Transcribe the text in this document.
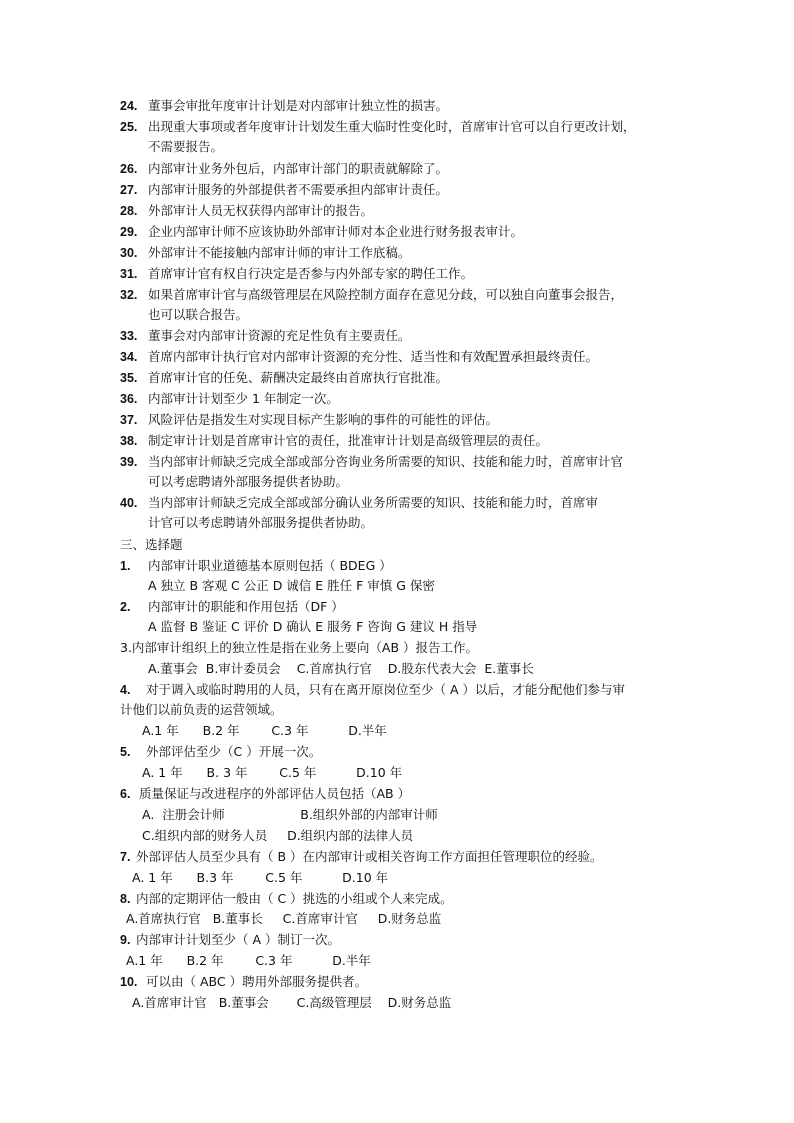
24. 董事会审批年度审计计划是对内部审计独立性的损害。
25. 出现重大事项或者年度审计计划发生重大临时性变化时，首席审计官可以自行更改计划，
不需要报告。
26. 内部审计业务外包后，内部审计部门的职责就解除了。
27. 内部审计服务的外部提供者不需要承担内部审计责任。
28. 外部审计人员无权获得内部审计的报告。
29. 企业内部审计师不应该协助外部审计师对本企业进行财务报表审计。
30. 外部审计不能接触内部审计师的审计工作底稿。
31. 首席审计官有权自行决定是否参与内外部专家的聘任工作。
32. 如果首席审计官与高级管理层在风险控制方面存在意见分歧，可以独自向董事会报告，
也可以联合报告。
33. 董事会对内部审计资源的充足性负有主要责任。
34. 首席内部审计执行官对内部审计资源的充分性、适当性和有效配置承担最终责任。
35. 首席审计官的任免、薪酬决定最终由首席执行官批准。
36. 内部审计计划至少 1 年制定一次。
37. 风险评估是指发生对实现目标产生影响的事件的可能性的评估。
38. 制定审计计划是首席审计官的责任，批准审计计划是高级管理层的责任。
39. 当内部审计师缺乏完成全部或部分咨询业务所需要的知识、技能和能力时，首席审计官
可以考虑聘请外部服务提供者协助。
40. 当内部审计师缺乏完成全部或部分确认业务所需要的知识、技能和能力时，首席审
计官可以考虑聘请外部服务提供者协助。
三、选择题
1. 内部审计职业道德基本原则包括（ BDEG ）
A 独立 B 客观 C 公正 D 诚信 E 胜任 F 审慎 G 保密
2. 内部审计的职能和作用包括（DF ）
A 监督 B 鉴证 C 评价 D 确认 E 服务 F 咨询 G 建议 H 指导
3.内部审计组织上的独立性是指在业务上要向（AB ）报告工作。
A.董事会  B.审计委员会    C.首席执行官    D.股东代表大会  E.董事长
4. 对于调入或临时聘用的人员，只有在离开原岗位至少（ A ）以后，才能分配他们参与审
计他们以前负责的运营领域。
A.1 年      B.2 年        C.3 年          D.半年
5. 外部评估至少（C ）开展一次。
A. 1 年      B. 3 年        C.5 年          D.10 年
6. 质量保证与改进程序的外部评估人员包括（AB ）
A.  注册会计师                   B.组织外部的内部审计师
C.组织内部的财务人员     D.组织内部的法律人员
7. 外部评估人员至少具有（ B ）在内部审计或相关咨询工作方面担任管理职位的经验。
A. 1 年      B.3 年        C.5 年          D.10 年
8. 内部的定期评估一般由（ C ）挑选的小组或个人来完成。
A.首席执行官   B.董事长     C.首席审计官     D.财务总监
9. 内部审计计划至少（ A ）制订一次。
A.1 年      B.2 年        C.3 年          D.半年
10. 可以由（ ABC ）聘用外部服务提供者。
A.首席审计官   B.董事会       C.高级管理层    D.财务总监
